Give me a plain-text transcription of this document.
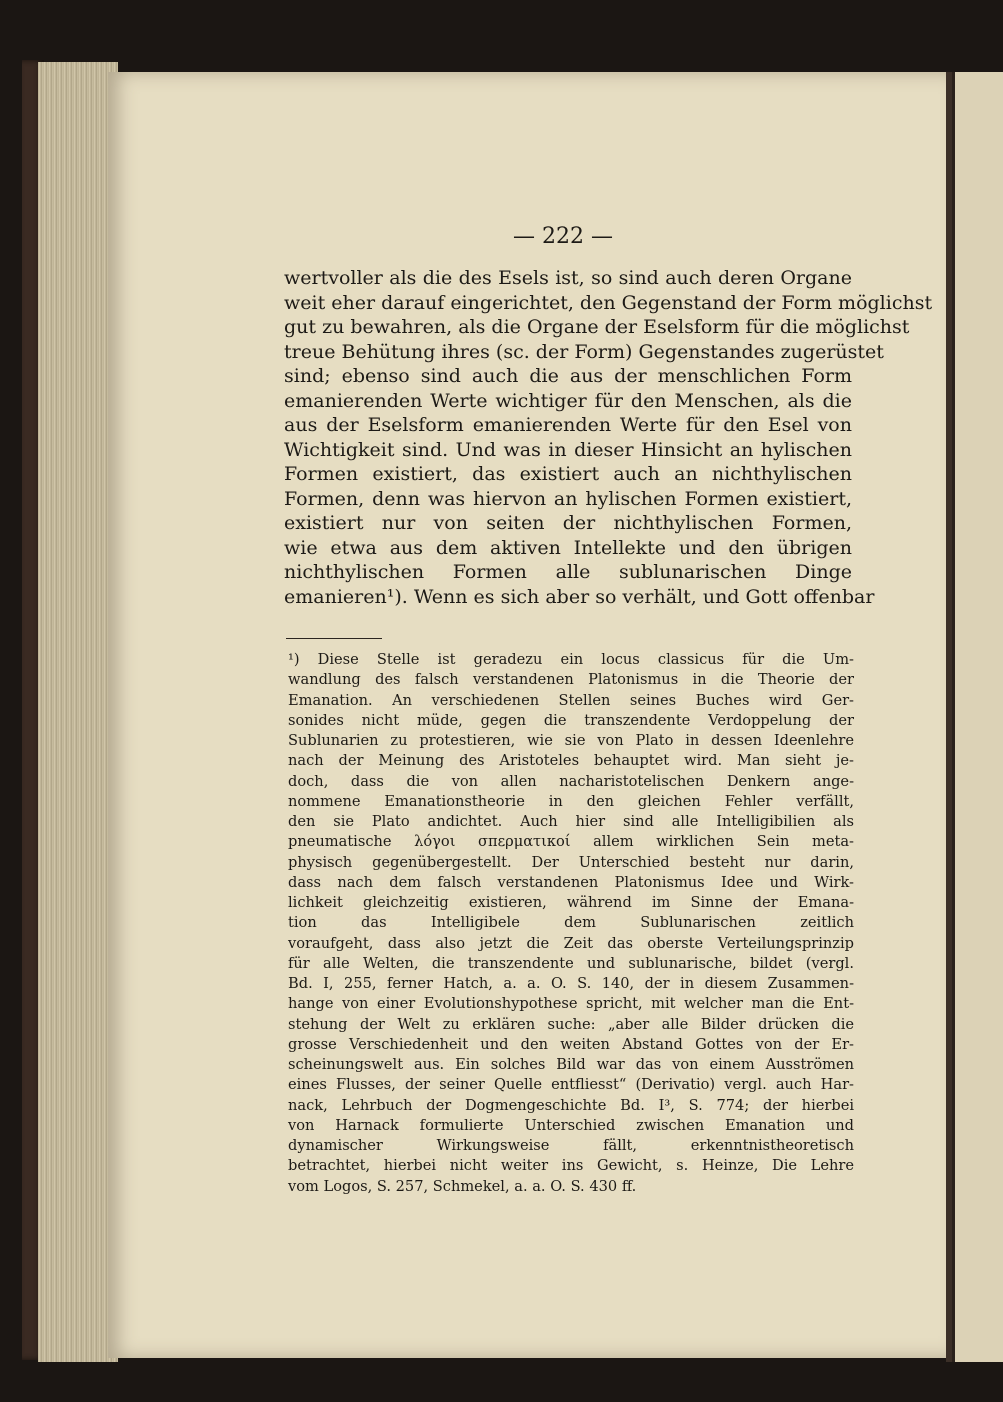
— 222 —
wertvoller als die des Esels ist, so sind auch deren Organe
weit eher darauf eingerichtet, den Gegenstand der Form möglichst
gut zu bewahren, als die Organe der Eselsform für die möglichst
treue Behütung ihres (sc. der Form) Gegenstandes zugerüstet
sind; ebenso sind auch die aus der menschlichen Form
emanierenden Werte wichtiger für den Menschen, als die
aus der Eselsform emanierenden Werte für den Esel von
Wichtigkeit sind. Und was in dieser Hinsicht an hylischen
Formen existiert, das existiert auch an nichthylischen
Formen, denn was hiervon an hylischen Formen existiert,
existiert nur von seiten der nichthylischen Formen,
wie etwa aus dem aktiven Intellekte und den übrigen
nichthylischen Formen alle sublunarischen Dinge
emanieren¹). Wenn es sich aber so verhält, und Gott offenbar
¹) Diese Stelle ist geradezu ein locus classicus für die Um-
wandlung des falsch verstandenen Platonismus in die Theorie der
Emanation. An verschiedenen Stellen seines Buches wird Ger-
sonides nicht müde, gegen die transzendente Verdoppelung der
Sublunarien zu protestieren, wie sie von Plato in dessen Ideenlehre
nach der Meinung des Aristoteles behauptet wird. Man sieht je-
doch, dass die von allen nacharistotelischen Denkern ange-
nommene Emanationstheorie in den gleichen Fehler verfällt,
den sie Plato andichtet. Auch hier sind alle Intelligibilien als
pneumatische λόγοι σπερματικοί allem wirklichen Sein meta-
physisch gegenübergestellt. Der Unterschied besteht nur darin,
dass nach dem falsch verstandenen Platonismus Idee und Wirk-
lichkeit gleichzeitig existieren, während im Sinne der Emana-
tion das Intelligibele dem Sublunarischen zeitlich
voraufgeht, dass also jetzt die Zeit das oberste Verteilungsprinzip
für alle Welten, die transzendente und sublunarische, bildet (vergl.
Bd. I, 255, ferner Hatch, a. a. O. S. 140, der in diesem Zusammen-
hange von einer Evolutionshypothese spricht, mit welcher man die Ent-
stehung der Welt zu erklären suche: „aber alle Bilder drücken die
grosse Verschiedenheit und den weiten Abstand Gottes von der Er-
scheinungswelt aus. Ein solches Bild war das von einem Ausströmen
eines Flusses, der seiner Quelle entfliesst“ (Derivatio) vergl. auch Har-
nack, Lehrbuch der Dogmengeschichte Bd. I³, S. 774; der hierbei
von Harnack formulierte Unterschied zwischen Emanation und
dynamischer Wirkungsweise fällt, erkenntnistheoretisch
betrachtet, hierbei nicht weiter ins Gewicht, s. Heinze, Die Lehre
vom Logos, S. 257, Schmekel, a. a. O. S. 430 ff.
